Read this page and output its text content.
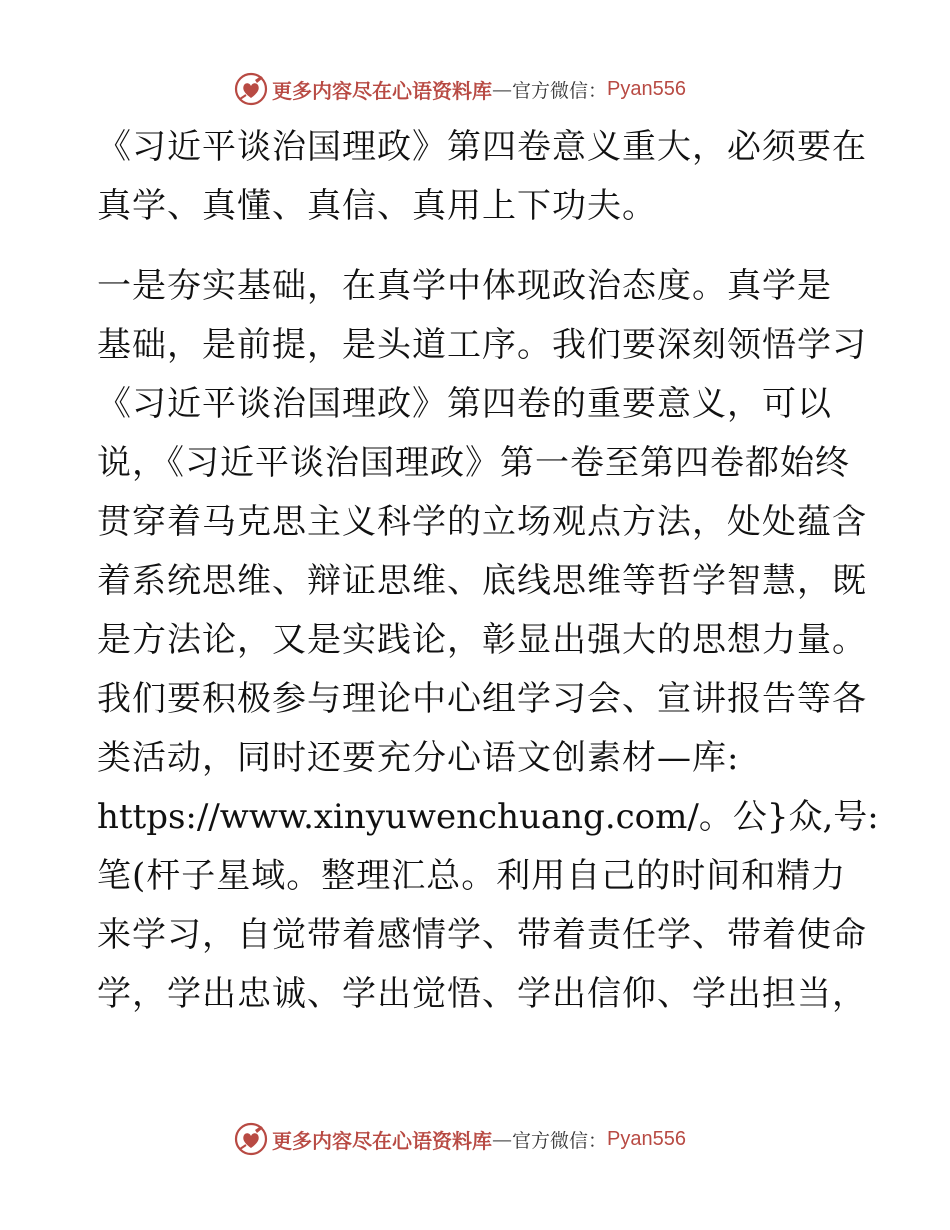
更多内容尽在心语资料库 — 官方微信： Pyan556
《习近平谈治国理政》第四卷意义重大，必须要在
真学、真懂、真信、真用上下功夫。
一是夯实基础，在真学中体现政治态度。真学是
基础，是前提，是头道工序。我们要深刻领悟学习
《习近平谈治国理政》第四卷的重要意义，可以
说，《习近平谈治国理政》第一卷至第四卷都始终
贯穿着马克思主义科学的立场观点方法，处处蕴含
着系统思维、辩证思维、底线思维等哲学智慧，既
是方法论，又是实践论，彰显出强大的思想力量。
我们要积极参与理论中心组学习会、宣讲报告等各
类活动，同时还要充分心语文创素材—库:
https://www.xinyuwenchuang.com/。公}众,号:
笔(杆子星域。整理汇总。利用自己的时间和精力
来学习，自觉带着感情学、带着责任学、带着使命
学，学出忠诚、学出觉悟、学出信仰、学出担当，
更多内容尽在心语资料库 — 官方微信： Pyan556
